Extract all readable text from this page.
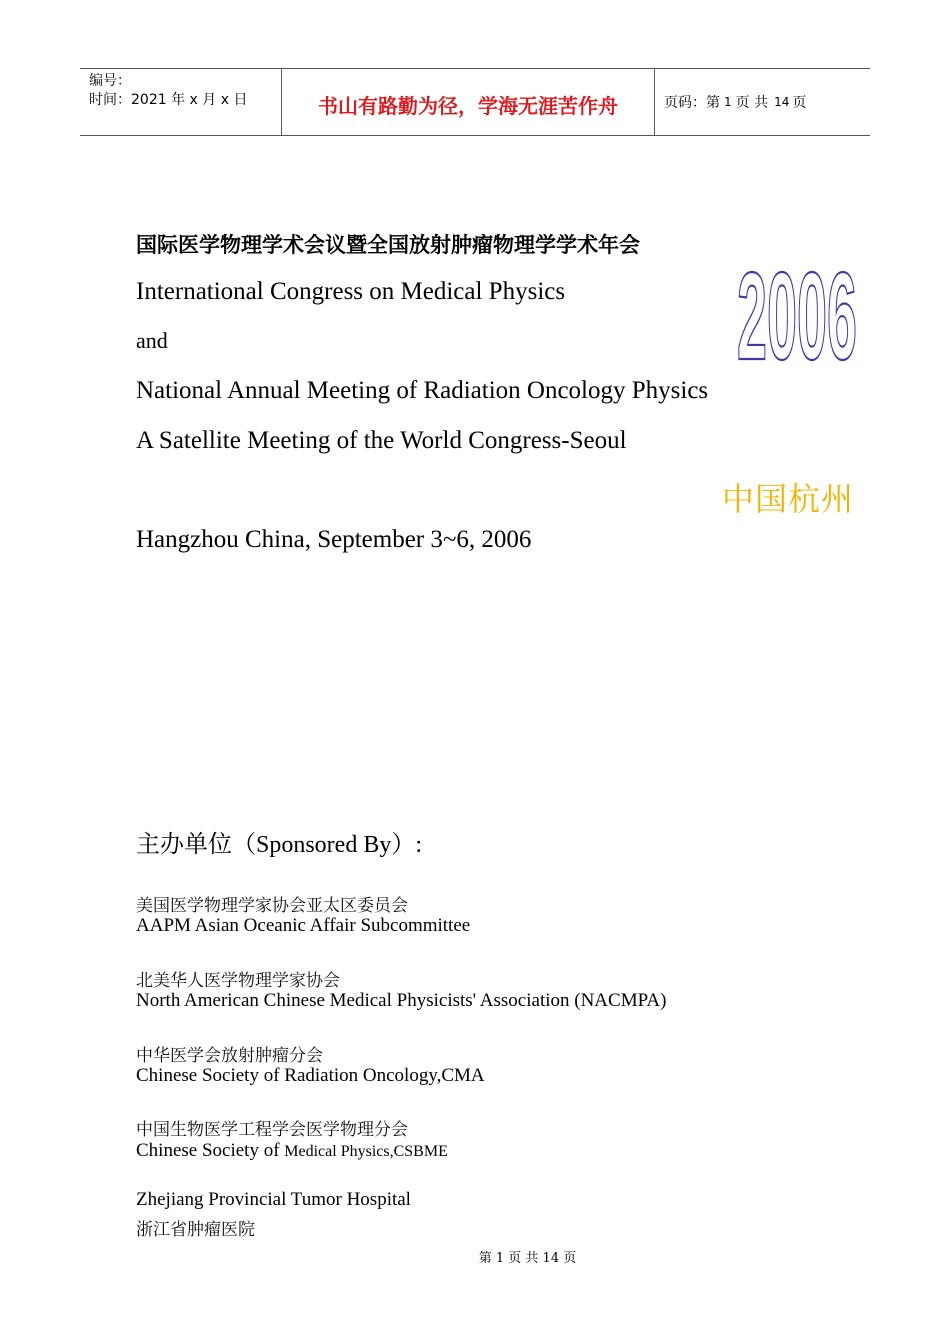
编号：
时间：2021 年 x 月 x 日	书山有路勤为径，学海无涯苦作舟	页码：第 1 页 共 14 页
国际医学物理学术会议暨全国放射肿瘤物理学学术年会
International Congress on Medical Physics
and
National Annual Meeting of Radiation Oncology Physics
A Satellite Meeting of the World Congress-Seoul
2006
中国杭州
Hangzhou China, September 3~6, 2006
主办单位（Sponsored By）:
美国医学物理学家协会亚太区委员会
AAPM Asian Oceanic Affair Subcommittee
北美华人医学物理学家协会
North American Chinese Medical Physicists' Association (NACMPA)
中华医学会放射肿瘤分会
Chinese Society of Radiation Oncology,CMA
中国生物医学工程学会医学物理分会
Chinese Society of Medical Physics,CSBME
Zhejiang Provincial Tumor Hospital
浙江省肿瘤医院
第 1 页 共 14 页
